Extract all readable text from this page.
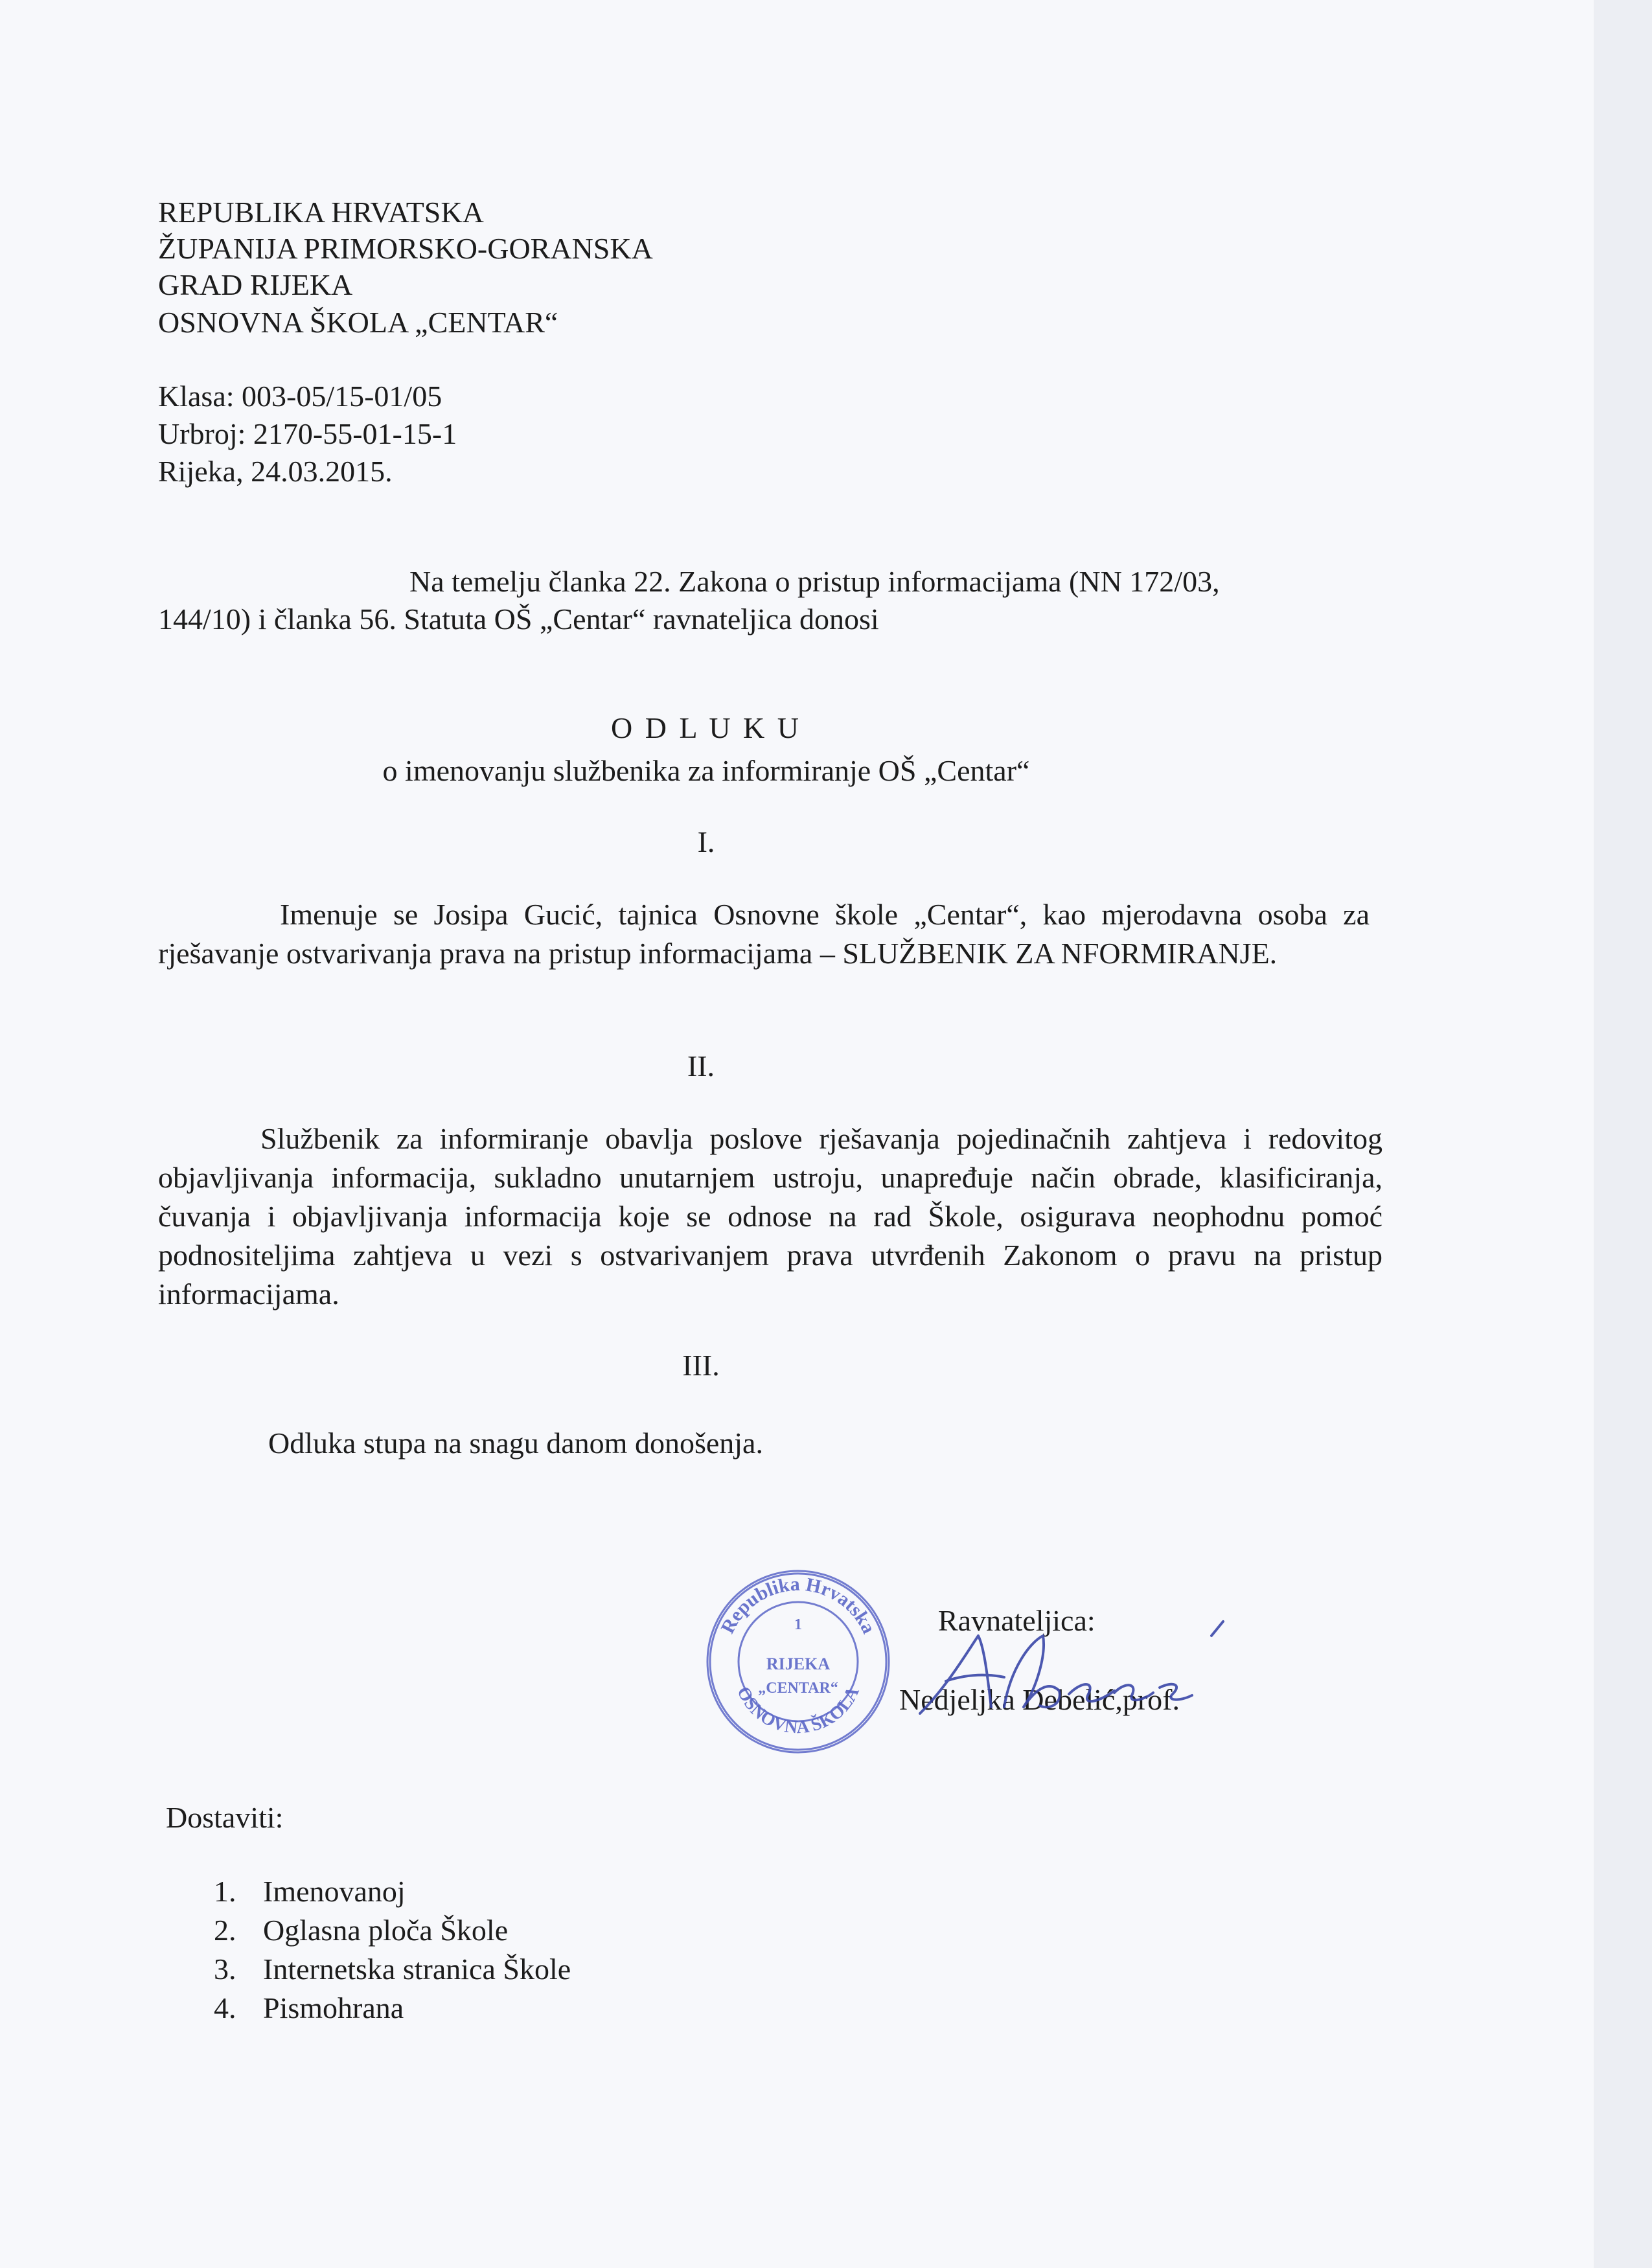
REPUBLIKA HRVATSKA
ŽUPANIJA PRIMORSKO-GORANSKA
GRAD RIJEKA
OSNOVNA ŠKOLA „CENTAR“
Klasa: 003-05/15-01/05
Urbroj: 2170-55-01-15-1
Rijeka, 24.03.2015.
Na temelju članka 22. Zakona o pristup informacijama (NN 172/03,
144/10) i članka 56. Statuta OŠ „Centar“ ravnateljica donosi
O D L U K U
o imenovanju službenika za informiranje OŠ „Centar“
I.
Imenuje se Josipa Gucić, tajnica Osnovne škole „Centar“, kao mjerodavna osoba za rješavanje ostvarivanja prava na pristup informacijama – SLUŽBENIK ZA NFORMIRANJE.
II.
Službenik za informiranje obavlja poslove rješavanja pojedinačnih zahtjeva i redovitog objavljivanja informacija, sukladno unutarnjem ustroju, unapređuje način obrade, klasificiranja, čuvanja i objavljivanja informacija koje se odnose na rad Škole, osigurava neophodnu pomoć podnositeljima zahtjeva u vezi s ostvarivanjem prava utvrđenih Zakonom o pravu na pristup informacijama.
III.
Odluka stupa na snagu danom donošenja.
Republika Hrvatska
OSNOVNA ŠKOLA
1
RIJEKA
„CENTAR“
Ravnateljica:
Nedjeljka Debelić,prof.
Dostaviti:
1. Imenovanoj
2. Oglasna ploča Škole
3. Internetska stranica Škole
4. Pismohrana
